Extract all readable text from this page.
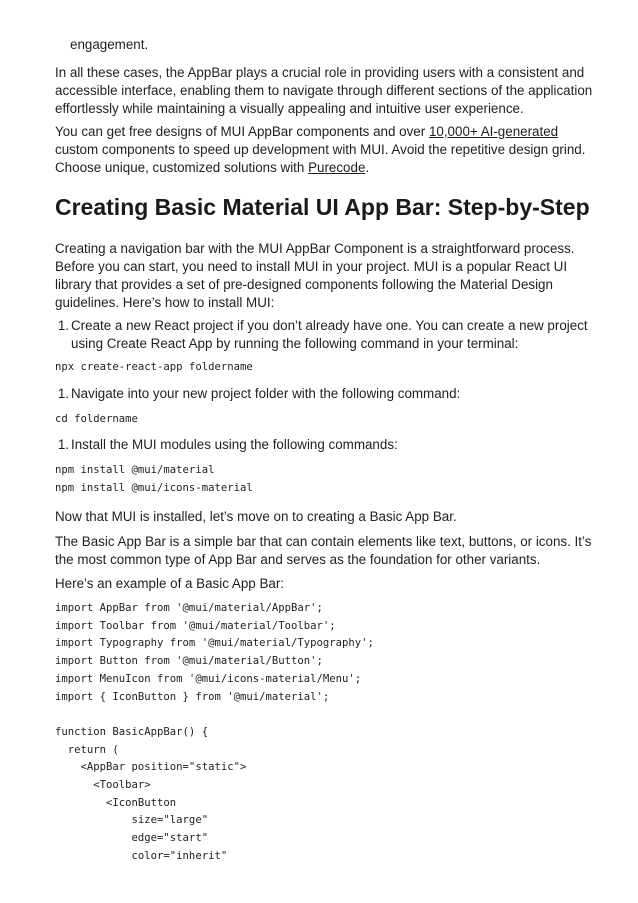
engagement.

In all these cases, the AppBar plays a crucial role in providing users with a consistent and accessible interface, enabling them to navigate through different sections of the application effortlessly while maintaining a visually appealing and intuitive user experience.

You can get free designs of MUI AppBar components and over 10,000+ AI-generated custom components to speed up development with MUI. Avoid the repetitive design grind. Choose unique, customized solutions with Purecode.

Creating Basic Material UI App Bar: Step-by-Step

Creating a navigation bar with the MUI AppBar Component is a straightforward process. Before you can start, you need to install MUI in your project. MUI is a popular React UI library that provides a set of pre-designed components following the Material Design guidelines. Here’s how to install MUI:

1. Create a new React project if you don’t already have one. You can create a new project using Create React App by running the following command in your terminal:

npx create-react-app foldername
1. Navigate into your new project folder with the following command:

cd foldername
1. Install the MUI modules using the following commands:

npm install @mui/material
npm install @mui/icons-material

Now that MUI is installed, let’s move on to creating a Basic App Bar.

The Basic App Bar is a simple bar that can contain elements like text, buttons, or icons. It’s the most common type of App Bar and serves as the foundation for other variants.

Here’s an example of a Basic App Bar:

import AppBar from '@mui/material/AppBar';
import Toolbar from '@mui/material/Toolbar';
import Typography from '@mui/material/Typography';
import Button from '@mui/material/Button';
import MenuIcon from '@mui/icons-material/Menu';
import { IconButton } from '@mui/material';

function BasicAppBar() {
return (
<AppBar position="static">
<Toolbar>
<IconButton
size="large"
edge="start"
color="inherit"
